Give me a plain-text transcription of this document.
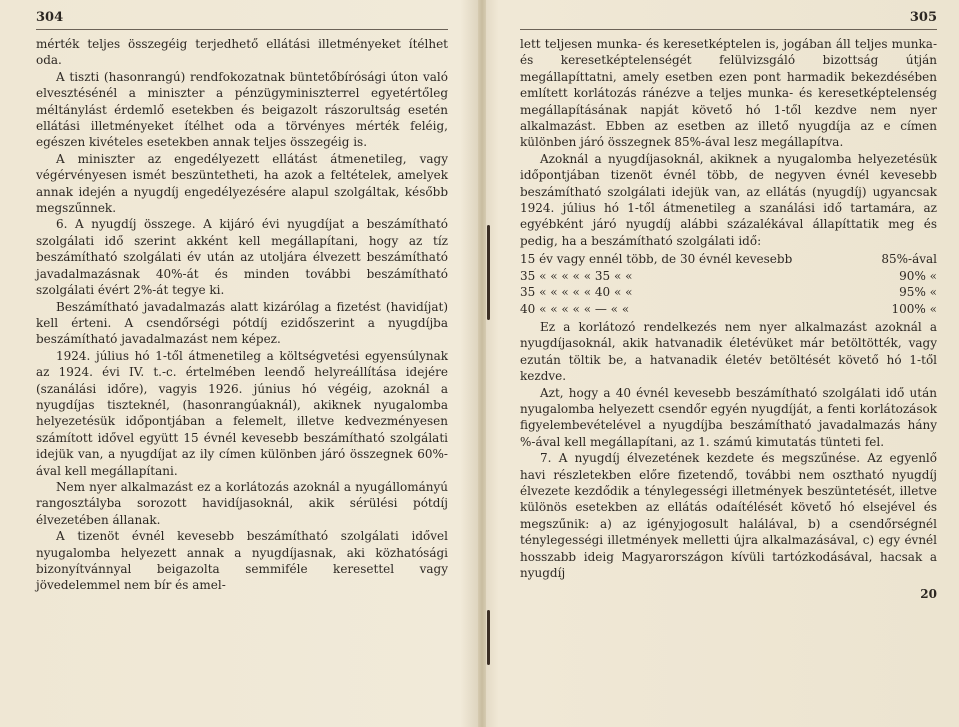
304

mérték teljes összegéig terjedhető ellátási illetményeket ítélhet oda.

A tiszti (hasonrangú) rendfokozatnak büntetőbírósági úton való elvesztésénél a miniszter a pénzügyminiszterrel egyetértőleg méltánylást érdemlő esetekben és beigazolt rászorultság esetén ellátási illetményeket ítélhet oda a törvényes mérték feléig, egészen kivételes esetekben annak teljes összegéig is.

A miniszter az engedélyezett ellátást átmenetileg, vagy végérvényesen ismét beszüntetheti, ha azok a feltételek, amelyek annak idején a nyugdíj engedélyezésére alapul szolgáltak, később megszűnnek.

6. A nyugdíj összege. A kijáró évi nyugdíjat a beszámítható szolgálati idő szerint akként kell megállapítani, hogy az tíz beszámítható szolgálati év után az utoljára élvezett beszámítható javadalmazásnak 40%-át és minden további beszámítható szolgálati évért 2%-át tegye ki.

Beszámítható javadalmazás alatt kizárólag a fizetést (havidíjat) kell érteni. A csendőrségi pótdíj ezidőszerint a nyugdíjba beszámítható javadalmazást nem képez.

1924. július hó 1-től átmenetileg a költségvetési egyensúlynak az 1924. évi IV. t.-c. értelmében leendő helyreállítása idejére (szanálási időre), vagyis 1926. június hó végéig, azoknál a nyugdíjas tiszteknél, (hasonrangúaknál), akiknek nyugalomba helyezetésük időpontjában a felemelt, illetve kedvezményesen számított idővel együtt 15 évnél kevesebb beszámítható szolgálati idejük van, a nyugdíjat az ily címen különben járó összegnek 60%-ával kell megállapítani.

Nem nyer alkalmazást ez a korlátozás azoknál a nyugállományú rangosztályba sorozott havidíjasoknál, akik sérülési pótdíj élvezetében állanak.

A tizenöt évnél kevesebb beszámítható szolgálati idővel nyugalomba helyezett annak a nyugdíjasnak, aki közhatósági bizonyítvánnyal beigazolta semmiféle keresettel vagy jövedelemmel nem bír és amel-

305

lett teljesen munka- és keresetképtelen is, jogában áll teljes munka- és keresetképtelenségét felülvizsgáló bizottság útján megállapíttatni, amely esetben ezen pont harmadik bekezdésében említett korlátozás ránézve a teljes munka- és keresetképtelenség megállapításának napját követő hó 1-től kezdve nem nyer alkalmazást. Ebben az esetben az illető nyugdíja az e címen különben járó összegnek 85%-ával lesz megállapítva.

Azoknál a nyugdíjasoknál, akiknek a nyugalomba helyezetésük időpontjában tizenöt évnél több, de negyven évnél kevesebb beszámítható szolgálati idejük van, az ellátás (nyugdíj) ugyancsak 1924. július hó 1-től átmenetileg a szanálási idő tartamára, az egyébként járó nyugdíj alábbi százalékával állapíttatik meg és pedig, ha a beszámítható szolgálati idő:

15 év vagy ennél több, de 30 évnél kevesebb	85%-ával
35 « « « « « 35 « «	90% «
35 « « « « « 40 « «	95% «
40 « « « « « — « «	100% «

Ez a korlátozó rendelkezés nem nyer alkalmazást azoknál a nyugdíjasoknál, akik hatvanadik életévüket már betöltötték, vagy ezután töltik be, a hatvanadik életév betöltését követő hó 1-től kezdve.

Azt, hogy a 40 évnél kevesebb beszámítható szolgálati idő után nyugalomba helyezett csendőr egyén nyugdíját, a fenti korlátozások figyelembevételével a nyugdíjba beszámítható javadalmazás hány %-ával kell megállapítani, az 1. számú kimutatás tünteti fel.

7. A nyugdíj élvezetének kezdete és megszűnése. Az egyenlő havi részletekben előre fizetendő, további nem osztható nyugdíj élvezete kezdődik a ténylegességi illetmények beszüntetését, illetve különös esetekben az ellátás odaítélését követő hó elsejével és megszűnik: a) az igényjogosult halálával, b) a csendőrségnél ténylegességi illetmények melletti újra alkalmazásával, c) egy évnél hosszabb ideig Magyarországon kívüli tartózkodásával, hacsak a nyugdíj

20
